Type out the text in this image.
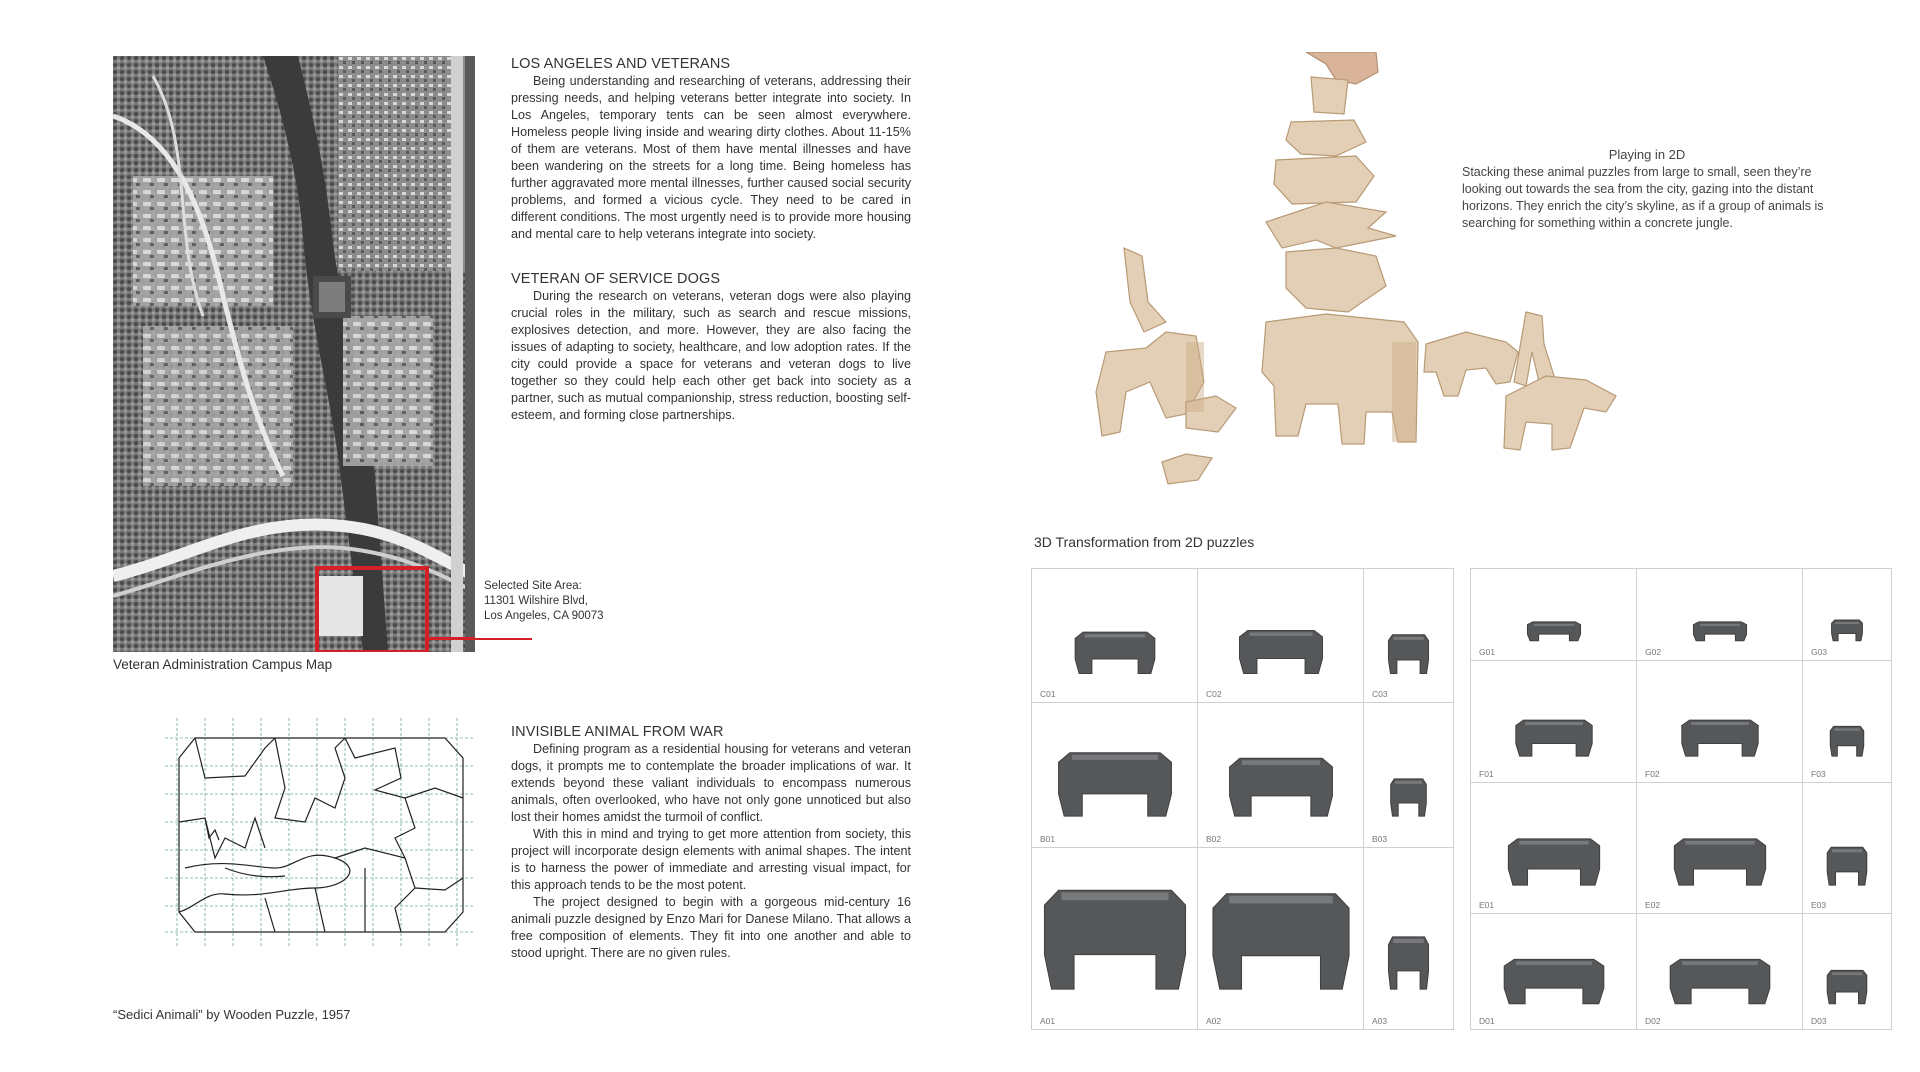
Veteran Administration Campus Map
Selected Site Area:
11301 Wilshire Blvd,
Los Angeles, CA 90073
LOS ANGELES AND VETERANS

Being understanding and researching of veterans, addressing their pressing needs, and helping veterans better integrate into society. In Los Angeles, temporary tents can be seen almost everywhere. Homeless people living inside and wearing dirty clothes. About 11-15% of them are veterans. Most of them have mental illnesses and have been wandering on the streets for a long time. Being homeless has further aggravated more mental illnesses, further caused social security problems, and formed a vicious cycle. They need to be cared in different conditions. The most urgently need is to provide more housing and mental care to help veterans integrate into society.

VETERAN OF SERVICE DOGS

During the research on veterans, veteran dogs were also playing crucial roles in the military, such as search and rescue missions, explosives detection, and more. However, they are also facing the issues of adapting to society, healthcare, and low adoption rates. If the city could provide a space for veterans and veteran dogs to live together so they could help each other get back into society as a partner, such as mutual companionship, stress reduction, boosting self-esteem, and forming close partnerships.

INVISIBLE ANIMAL FROM WAR

Defining program as a residential housing for veterans and veteran dogs, it prompts me to contemplate the broader implications of war. It extends beyond these valiant individuals to encompass numerous animals, often overlooked, who have not only gone unnoticed but also lost their homes amidst the turmoil of conflict.

With this in mind and trying to get more attention from society, this project will incorporate design elements with animal shapes. The intent is to harness the power of immediate and arresting visual impact, for this approach tends to be the most potent.

The project designed to begin with a gorgeous mid-century 16 animali puzzle designed by Enzo Mari for Danese Milano. That allows a free composition of elements. They fit into one another and able to stood upright. There are no given rules.

“Sedici Animali” by Wooden Puzzle, 1957
Playing in 2D
Stacking these animal puzzles from large to small, seen they’re looking out towards the sea from the city, gazing into the distant horizons. They enrich the city’s skyline, as if a group of animals is searching for something within a concrete jungle.
3D Transformation from 2D puzzles
C01	C02	C03
B01	B02	B03
A01	A02	A03
G01	G02	G03
F01	F02	F03
E01	E02	E03
D01	D02	D03
